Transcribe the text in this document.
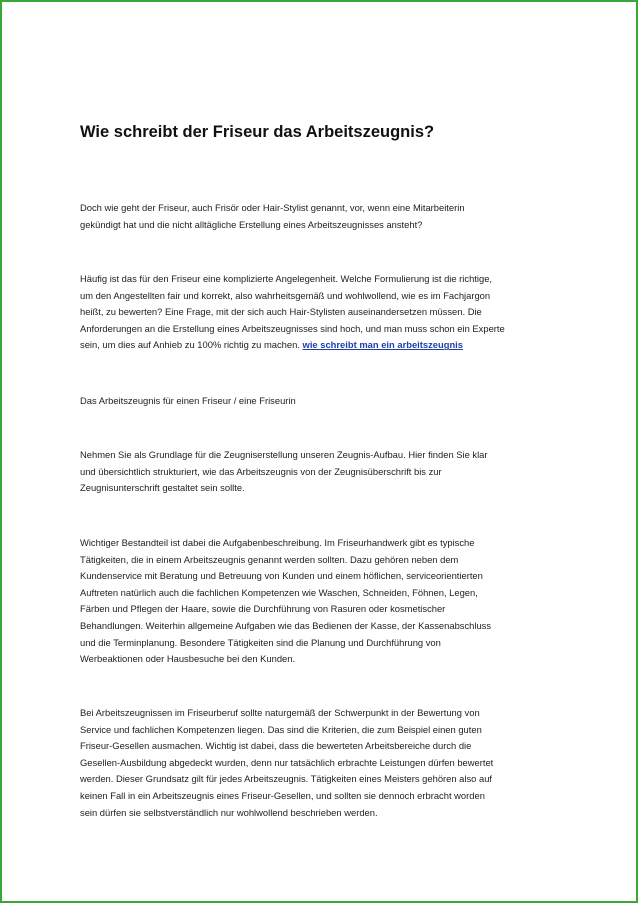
Wie schreibt der Friseur das Arbeitszeugnis?

Doch wie geht der Friseur, auch Frisör oder Hair-Stylist genannt, vor, wenn eine Mitarbeiterin
gekündigt hat und die nicht alltägliche Erstellung eines Arbeitszeugnisses ansteht?

Häufig ist das für den Friseur eine komplizierte Angelegenheit. Welche Formulierung ist die richtige,
um den Angestellten fair und korrekt, also wahrheitsgemäß und wohlwollend, wie es im Fachjargon
heißt, zu bewerten? Eine Frage, mit der sich auch Hair-Stylisten auseinandersetzen müssen. Die
Anforderungen an die Erstellung eines Arbeitszeugnisses sind hoch, und man muss schon ein Experte
sein, um dies auf Anhieb zu 100% richtig zu machen. wie schreibt man ein arbeitszeugnis

Das Arbeitszeugnis für einen Friseur / eine Friseurin

Nehmen Sie als Grundlage für die Zeugniserstellung unseren Zeugnis-Aufbau. Hier finden Sie klar
und übersichtlich strukturiert, wie das Arbeitszeugnis von der Zeugnisüberschrift bis zur
Zeugnisunterschrift gestaltet sein sollte.

Wichtiger Bestandteil ist dabei die Aufgabenbeschreibung. Im Friseurhandwerk gibt es typische
Tätigkeiten, die in einem Arbeitszeugnis genannt werden sollten. Dazu gehören neben dem
Kundenservice mit Beratung und Betreuung von Kunden und einem höflichen, serviceorientierten
Auftreten natürlich auch die fachlichen Kompetenzen wie Waschen, Schneiden, Föhnen, Legen,
Färben und Pflegen der Haare, sowie die Durchführung von Rasuren oder kosmetischer
Behandlungen. Weiterhin allgemeine Aufgaben wie das Bedienen der Kasse, der Kassenabschluss
und die Terminplanung. Besondere Tätigkeiten sind die Planung und Durchführung von
Werbeaktionen oder Hausbesuche bei den Kunden.

Bei Arbeitszeugnissen im Friseurberuf sollte naturgemäß der Schwerpunkt in der Bewertung von
Service und fachlichen Kompetenzen liegen. Das sind die Kriterien, die zum Beispiel einen guten
Friseur-Gesellen ausmachen. Wichtig ist dabei, dass die bewerteten Arbeitsbereiche durch die
Gesellen-Ausbildung abgedeckt wurden, denn nur tatsächlich erbrachte Leistungen dürfen bewertet
werden. Dieser Grundsatz gilt für jedes Arbeitszeugnis. Tätigkeiten eines Meisters gehören also auf
keinen Fall in ein Arbeitszeugnis eines Friseur-Gesellen, und sollten sie dennoch erbracht worden
sein dürfen sie selbstverständlich nur wohlwollend beschrieben werden.
